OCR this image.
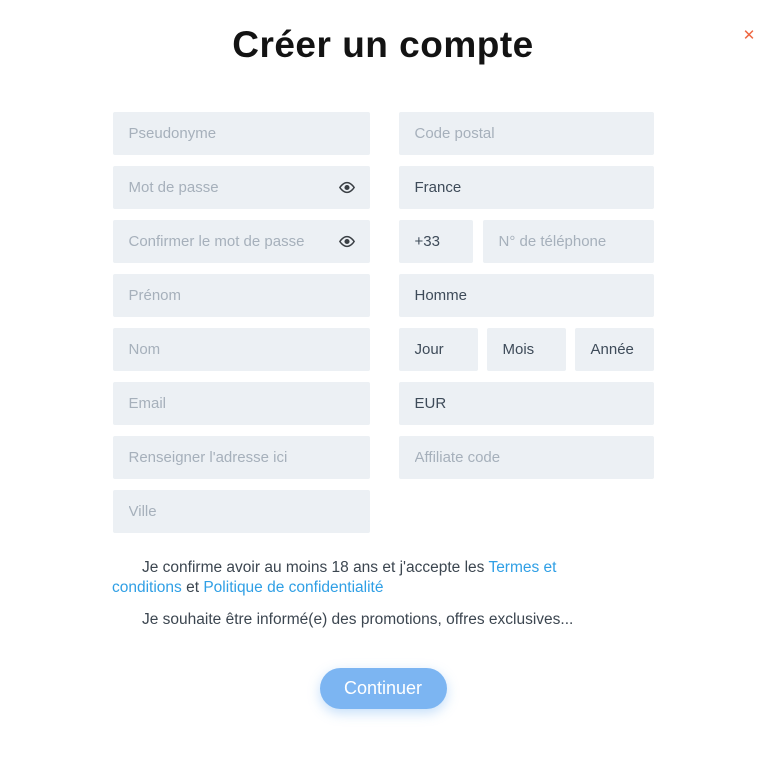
✕
Créer un compte
Pseudonyme
Mot de passe
Confirmer le mot de passe
Prénom
Nom
Email
Renseigner l'adresse ici
Ville
Code postal
France
+33
N° de téléphone
Homme
Jour	Mois	Année
EUR
Affiliate code

Je confirme avoir au moins 18 ans et j'accepte les Termes et conditions et Politique de confidentialité

Je souhaite être informé(e) des promotions, offres exclusives...

Continuer
